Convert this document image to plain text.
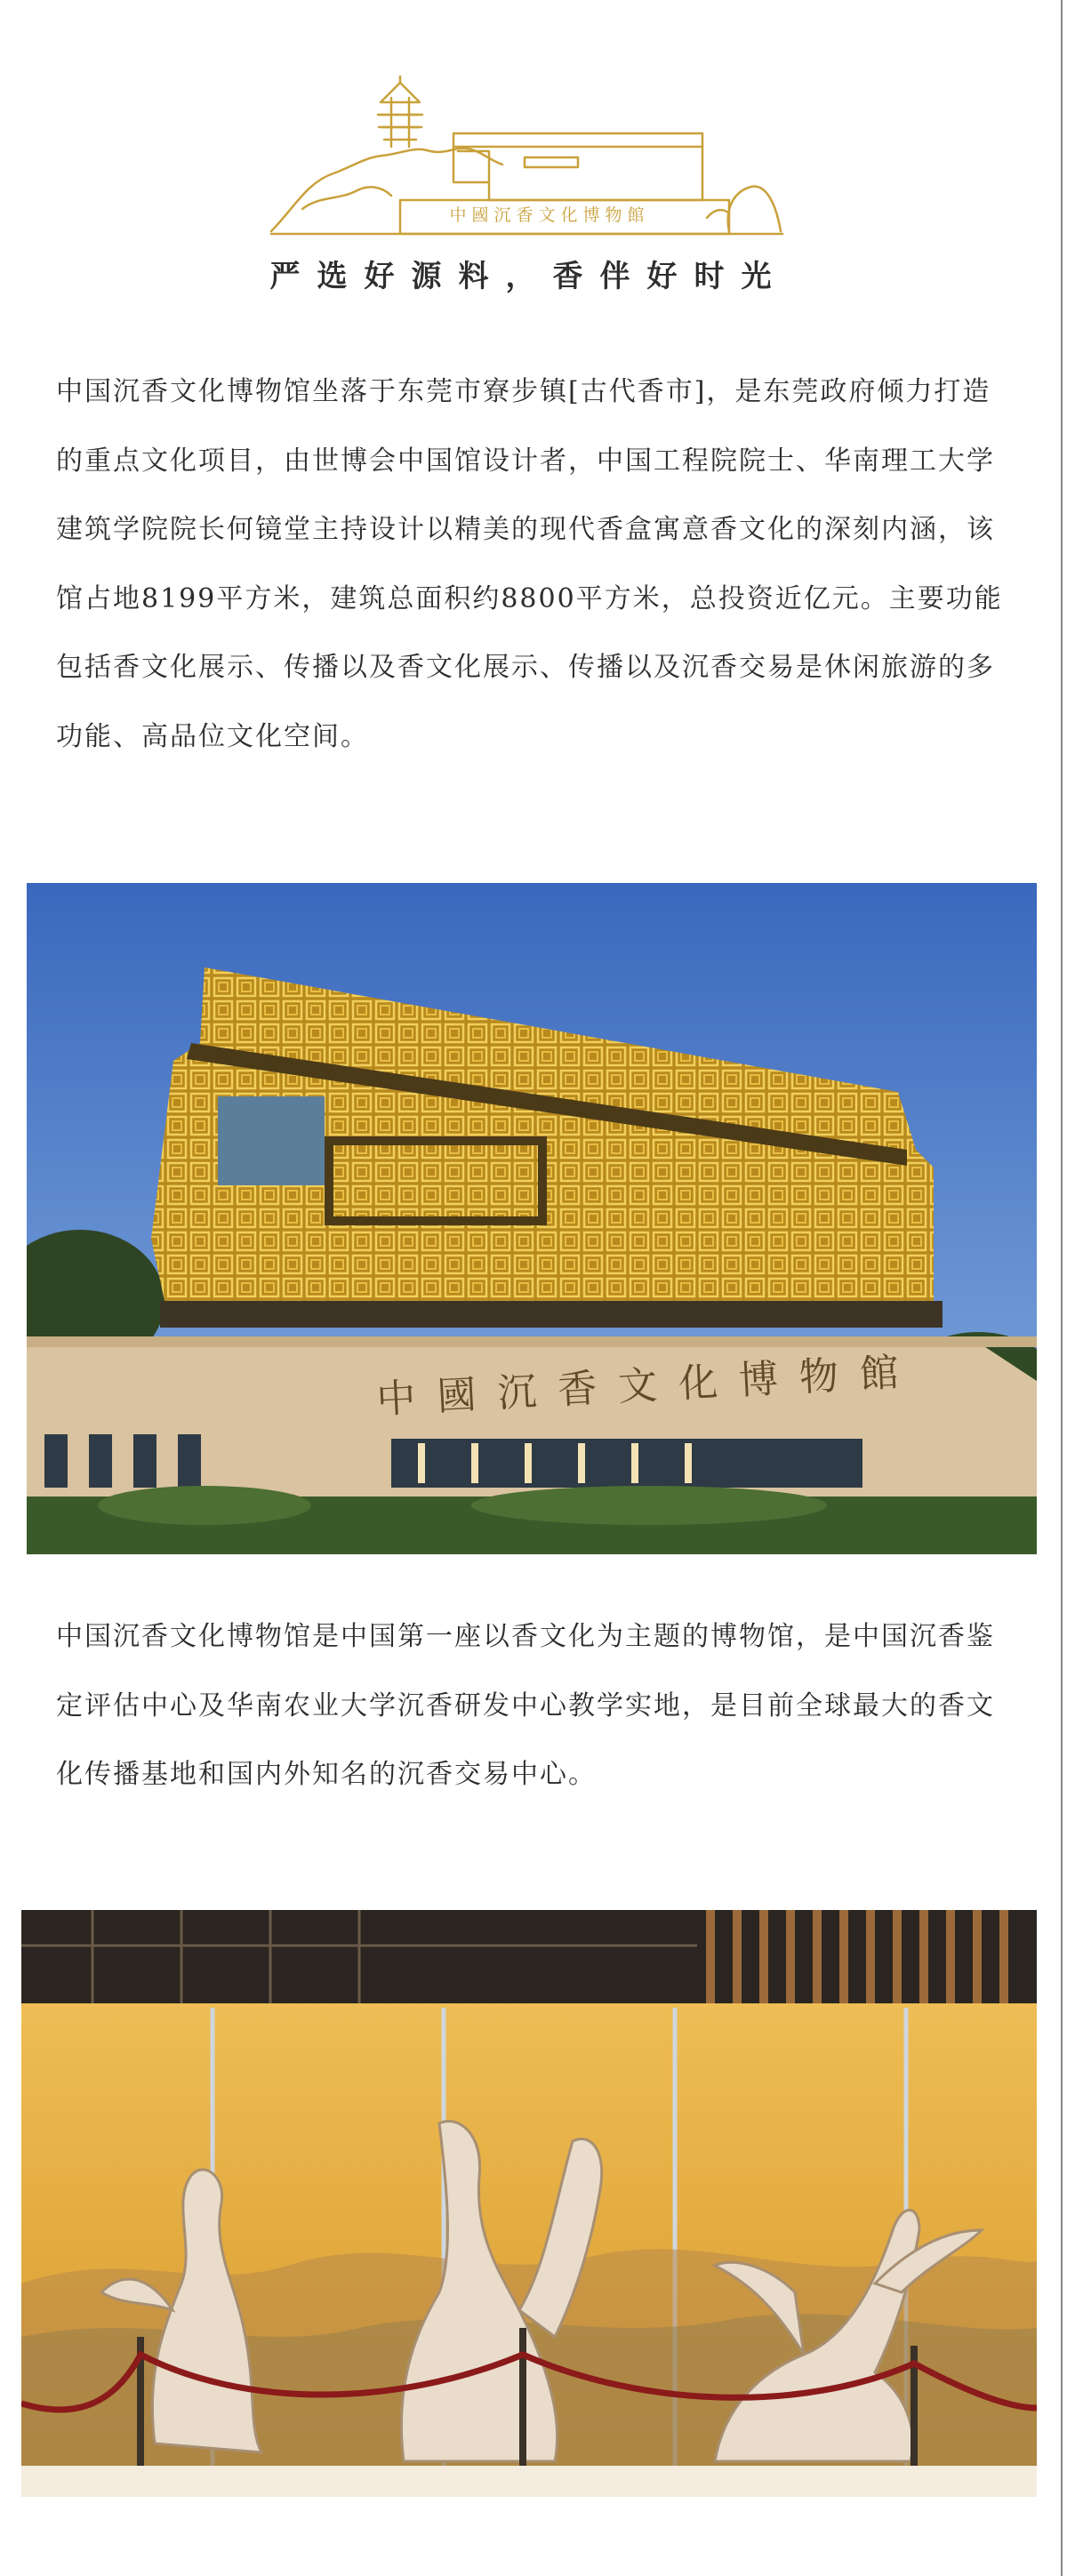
中國沉香文化博物館
严选好源料，香伴好时光

中国沉香文化博物馆坐落于东莞市寮步镇[古代香市]，是东莞政府倾力打造的重点文化项目，由世博会中国馆设计者，中国工程院院士、华南理工大学建筑学院院长何镜堂主持设计以精美的现代香盒寓意香文化的深刻内涵，该馆占地8199平方米，建筑总面积约8800平方米，总投资近亿元。主要功能包括香文化展示、传播以及香文化展示、传播以及沉香交易是休闲旅游的多功能、高品位文化空间。

中國沉香文化博物館

中国沉香文化博物馆是中国第一座以香文化为主题的博物馆，是中国沉香鉴定评估中心及华南农业大学沉香研发中心教学实地，是目前全球最大的香文化传播基地和国内外知名的沉香交易中心。
